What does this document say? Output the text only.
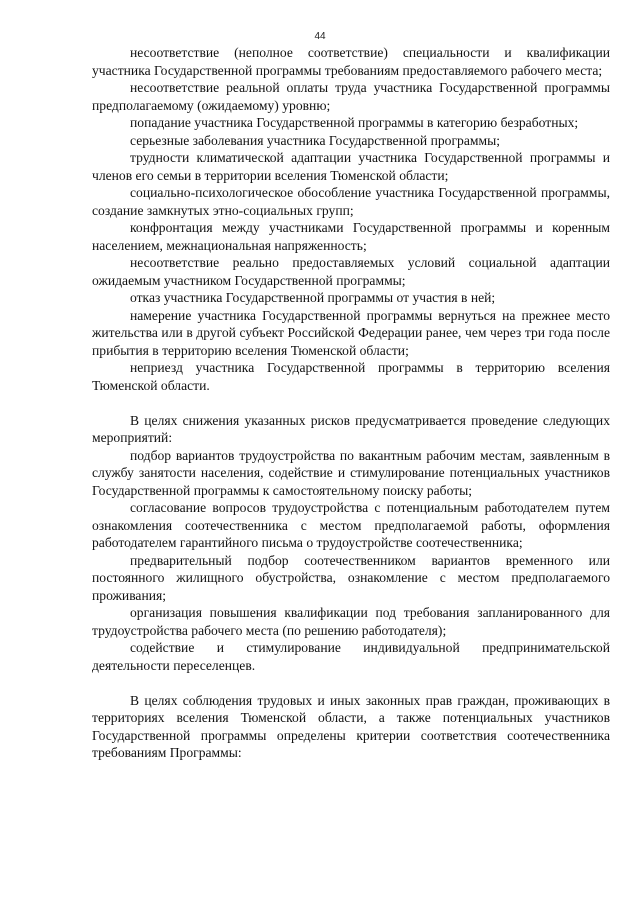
44

несоответствие (неполное соответствие) специальности и квалификации участника Государственной программы требованиям предоставляемого рабочего места;

несоответствие реальной оплаты труда участника Государственной программы предполагаемому (ожидаемому) уровню;

попадание участника Государственной программы в категорию безработных;

серьезные заболевания участника Государственной программы;

трудности климатической адаптации участника Государственной программы и членов его семьи в территории вселения Тюменской области;

социально-психологическое обособление участника Государственной программы, создание замкнутых этно-социальных групп;

конфронтация между участниками Государственной программы и коренным населением, межнациональная напряженность;

несоответствие реально предоставляемых условий социальной адаптации ожидаемым участником Государственной программы;

отказ участника Государственной программы от участия в ней;

намерение участника Государственной программы вернуться на прежнее место жительства или в другой субъект Российской Федерации ранее, чем через три года после прибытия в территорию вселения Тюменской области;

неприезд участника Государственной программы в территорию вселения Тюменской области.

В целях снижения указанных рисков предусматривается проведение следующих мероприятий:

подбор вариантов трудоустройства по вакантным рабочим местам, заявленным в службу занятости населения, содействие и стимулирование потенциальных участников Государственной программы к самостоятельному поиску работы;

согласование вопросов трудоустройства с потенциальным работодателем путем ознакомления соотечественника с местом предполагаемой работы, оформления работодателем гарантийного письма о трудоустройстве соотечественника;

предварительный подбор соотечественником вариантов временного или постоянного жилищного обустройства, ознакомление с местом предполагаемого проживания;

организация повышения квалификации под требования запланированного для трудоустройства рабочего места (по решению работодателя);

содействие и стимулирование индивидуальной предпринимательской деятельности переселенцев.

В целях соблюдения трудовых и иных законных прав граждан, проживающих в территориях вселения Тюменской области, а также потенциальных участников Государственной программы определены критерии соответствия соотечественника требованиям Программы:
